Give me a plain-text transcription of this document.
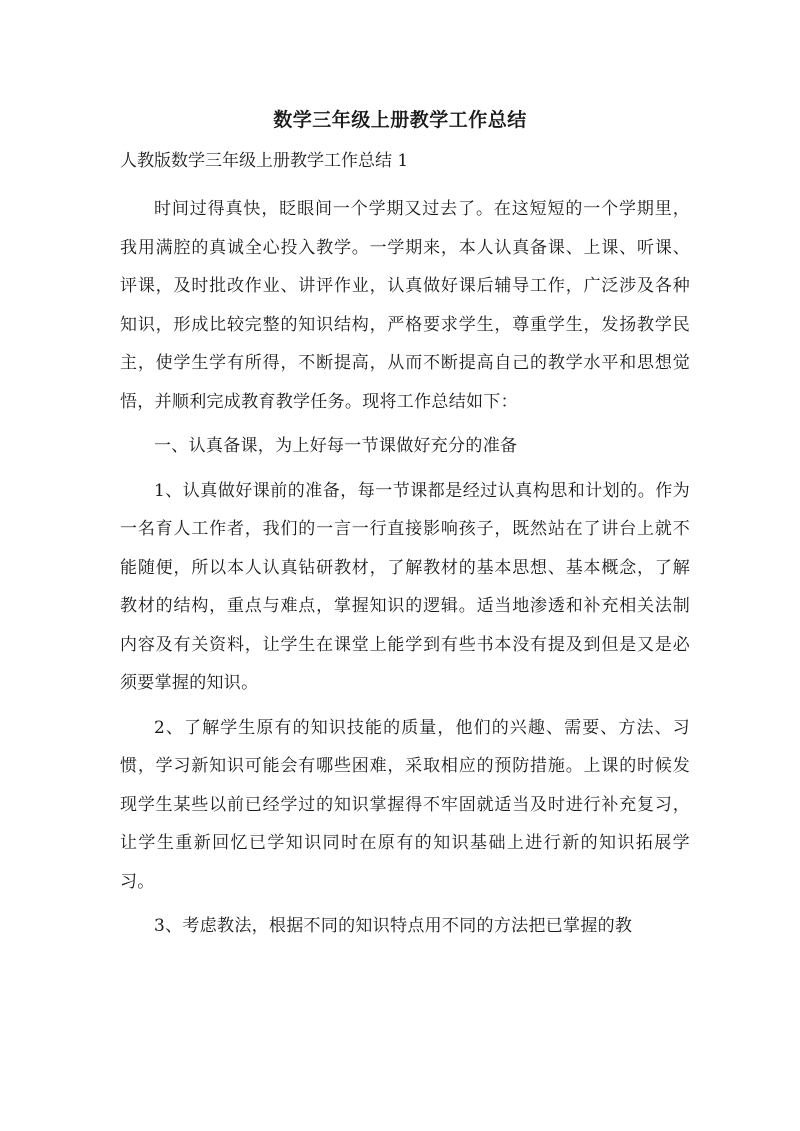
数学三年级上册教学工作总结

人教版数学三年级上册教学工作总结 1

时间过得真快，眨眼间一个学期又过去了。在这短短的一个学期里，我用满腔的真诚全心投入教学。一学期来，本人认真备课、上课、听课、评课，及时批改作业、讲评作业，认真做好课后辅导工作，广泛涉及各种知识，形成比较完整的知识结构，严格要求学生，尊重学生，发扬教学民主，使学生学有所得，不断提高，从而不断提高自己的教学水平和思想觉悟，并顺利完成教育教学任务。现将工作总结如下：

一、认真备课，为上好每一节课做好充分的准备

1、认真做好课前的准备，每一节课都是经过认真构思和计划的。作为一名育人工作者，我们的一言一行直接影响孩子，既然站在了讲台上就不能随便，所以本人认真钻研教材，了解教材的基本思想、基本概念，了解教材的结构，重点与难点，掌握知识的逻辑。适当地渗透和补充相关法制内容及有关资料，让学生在课堂上能学到有些书本没有提及到但是又是必须要掌握的知识。

2、了解学生原有的知识技能的质量，他们的兴趣、需要、方法、习惯，学习新知识可能会有哪些困难，采取相应的预防措施。上课的时候发现学生某些以前已经学过的知识掌握得不牢固就适当及时进行补充复习，让学生重新回忆已学知识同时在原有的知识基础上进行新的知识拓展学习。

3、考虑教法，根据不同的知识特点用不同的方法把已掌握的教
